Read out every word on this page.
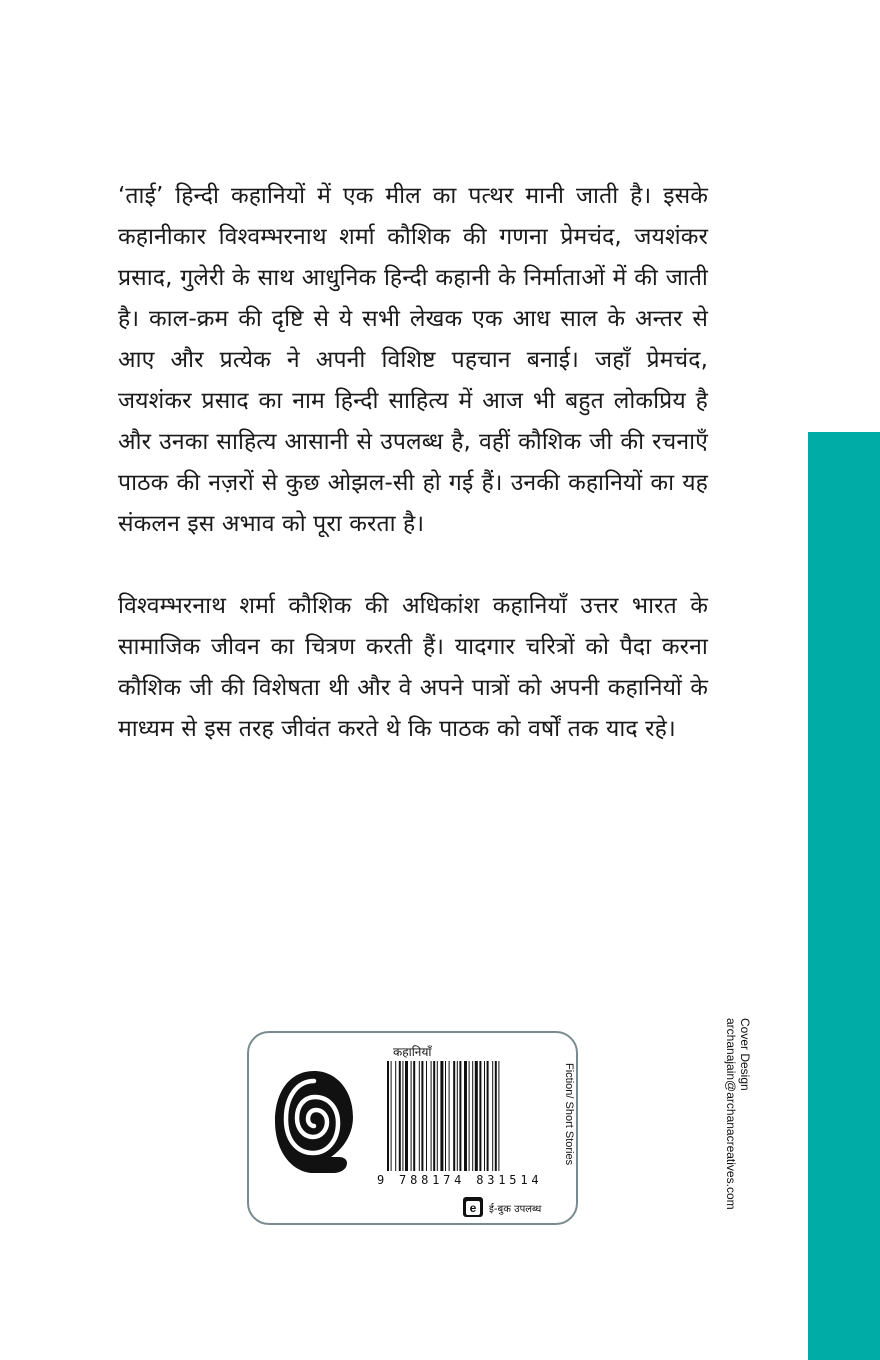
‘ताई’ हिन्दी कहानियों में एक मील का पत्थर मानी जाती है। इसके कहानीकार विश्वम्भरनाथ शर्मा कौशिक की गणना प्रेमचंद, जयशंकर प्रसाद, गुलेरी के साथ आधुनिक हिन्दी कहानी के निर्माताओं में की जाती है। काल-क्रम की दृष्टि से ये सभी लेखक एक आध साल के अन्तर से आए और प्रत्येक ने अपनी विशिष्ट पहचान बनाई। जहाँ प्रेमचंद, जयशंकर प्रसाद का नाम हिन्दी साहित्य में आज भी बहुत लोकप्रिय है और उनका साहित्य आसानी से उपलब्ध है, वहीं कौशिक जी की रचनाएँ पाठक की नज़रों से कुछ ओझल-सी हो गई हैं। उनकी कहानियों का यह संकलन इस अभाव को पूरा करता है।

विश्वम्भरनाथ शर्मा कौशिक की अधिकांश कहानियाँ उत्तर भारत के सामाजिक जीवन का चित्रण करती हैं। यादगार चरित्रों को पैदा करना कौशिक जी की विशेषता थी और वे अपने पात्रों को अपनी कहानियों के माध्यम से इस तरह जीवंत करते थे कि पाठक को वर्षों तक याद रहे।

कहानियाँ
9 788174 831514
Fiction/ Short Stories
e	ई-बुक उपलब्ध
Cover Design
archanajain@archanacreatives.com
